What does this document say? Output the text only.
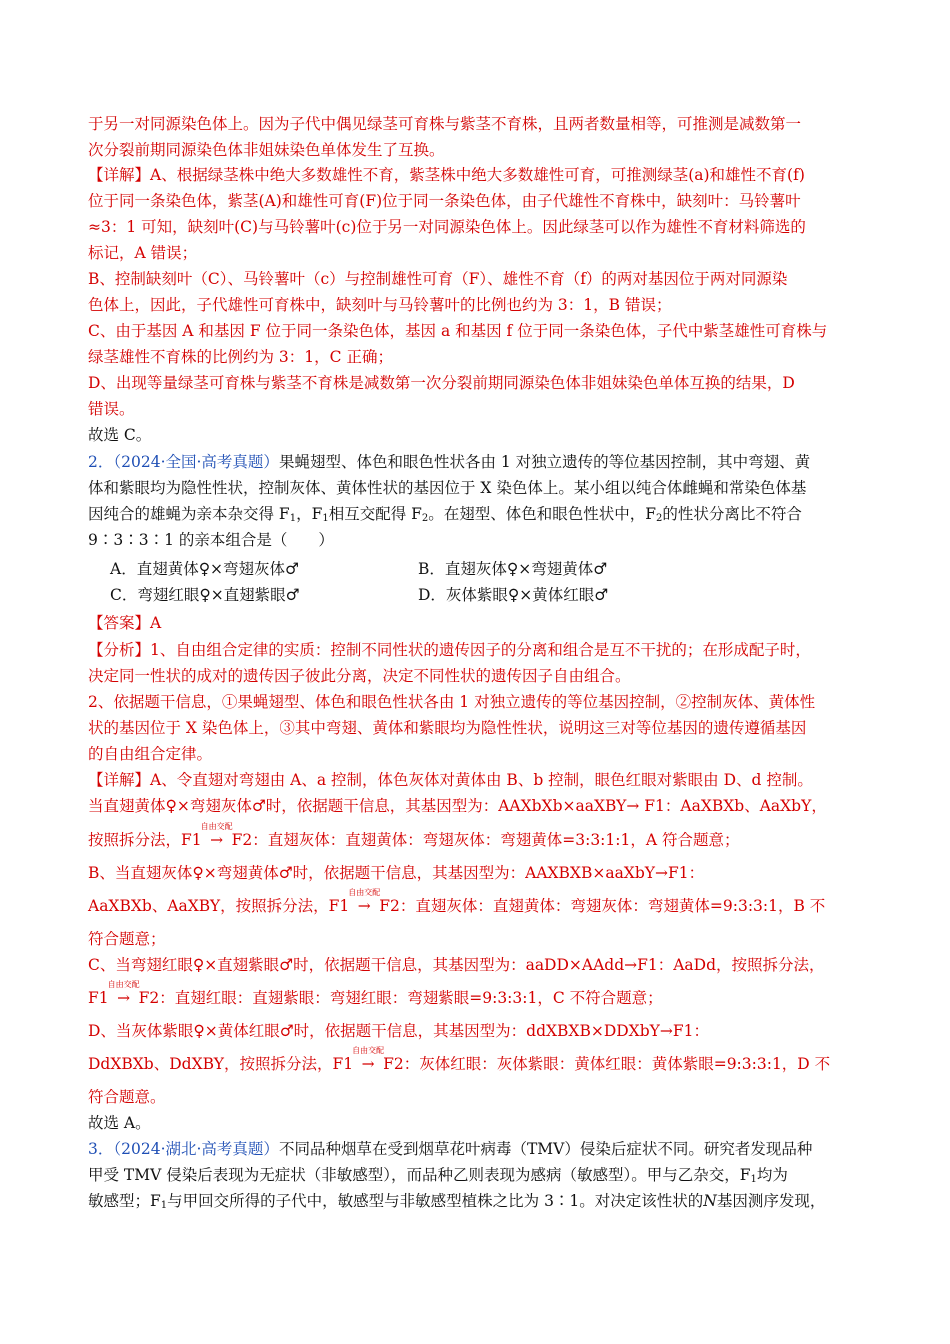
于另一对同源染色体上。因为子代中偶见绿茎可育株与紫茎不育株，且两者数量相等，可推测是减数第一
次分裂前期同源染色体非姐妹染色单体发生了互换。
【详解】A、根据绿茎株中绝大多数雄性不育，紫茎株中绝大多数雄性可育，可推测绿茎(a)和雄性不育(f)
位于同一条染色体，紫茎(A)和雄性可育(F)位于同一条染色体，由子代雄性不育株中，缺刻叶：马铃薯叶
≈3：1 可知，缺刻叶(C)与马铃薯叶(c)位于另一对同源染色体上。因此绿茎可以作为雄性不育材料筛选的
标记，A 错误；
B、控制缺刻叶（C）、马铃薯叶（c）与控制雄性可育（F）、雄性不育（f）的两对基因位于两对同源染
色体上，因此，子代雄性可育株中，缺刻叶与马铃薯叶的比例也约为 3：1，B 错误；
C、由于基因 A 和基因 F 位于同一条染色体，基因 a 和基因 f 位于同一条染色体，子代中紫茎雄性可育株与
绿茎雄性不育株的比例约为 3：1，C 正确；
D、出现等量绿茎可育株与紫茎不育株是减数第一次分裂前期同源染色体非姐妹染色单体互换的结果，D
错误。
故选 C。
2．（2024·全国·高考真题）果蝇翅型、体色和眼色性状各由 1 对独立遗传的等位基因控制，其中弯翅、黄
体和紫眼均为隐性性状，控制灰体、黄体性状的基因位于 X 染色体上。某小组以纯合体雌蝇和常染色体基
因纯合的雄蝇为亲本杂交得 $F_1$，$F_1$相互交配得 $F_2$。在翅型、体色和眼色性状中，$F_2$的性状分离比不符合
9∶3∶3∶1 的亲本组合是（　　）
A．直翅黄体♀×弯翅灰体♂	B．直翅灰体♀×弯翅黄体♂
C．弯翅红眼♀×直翅紫眼♂	D．灰体紫眼♀×黄体红眼♂
【答案】A
【分析】1、自由组合定律的实质：控制不同性状的遗传因子的分离和组合是互不干扰的；在形成配子时，
决定同一性状的成对的遗传因子彼此分离，决定不同性状的遗传因子自由组合。
2、依据题干信息，①果蝇翅型、体色和眼色性状各由 1 对独立遗传的等位基因控制，②控制灰体、黄体性
状的基因位于 X 染色体上，③其中弯翅、黄体和紫眼均为隐性性状，说明这三对等位基因的遗传遵循基因
的自由组合定律。
【详解】A、令直翅对弯翅由 A、a 控制，体色灰体对黄体由 B、b 控制，眼色红眼对紫眼由 D、d 控制。
当直翅黄体♀×弯翅灰体♂时，依据题干信息，其基因型为：AAXbXb×aaXBY→ F1：AaXBXb、AaXbY，
按照拆分法，F1
自由交配
→ F2：直翅灰体：直翅黄体：弯翅灰体：弯翅黄体=3:3:1:1，A 符合题意；
B、当直翅灰体♀×弯翅黄体♂时，依据题干信息，其基因型为：AAXBXB×aaXbY→F1：
AaXBXb、AaXBY，按照拆分法，F1
自由交配
→ F2：直翅灰体：直翅黄体：弯翅灰体：弯翅黄体=9:3:3:1，B 不
符合题意；
C、当弯翅红眼♀×直翅紫眼♂时，依据题干信息，其基因型为：aaDD×AAdd→F1：AaDd，按照拆分法，
F1
自由交配
→ F2：直翅红眼：直翅紫眼：弯翅红眼：弯翅紫眼=9:3:3:1，C 不符合题意；
D、当灰体紫眼♀×黄体红眼♂时，依据题干信息，其基因型为：ddXBXB×DDXbY→F1：
DdXBXb、DdXBY，按照拆分法，F1
自由交配
→ F2：灰体红眼：灰体紫眼：黄体红眼：黄体紫眼=9:3:3:1，D 不
符合题意。
故选 A。
3．（2024·湖北·高考真题）不同品种烟草在受到烟草花叶病毒（TMV）侵染后症状不同。研究者发现品种
甲受 TMV 侵染后表现为无症状（非敏感型），而品种乙则表现为感病（敏感型）。甲与乙杂交，$F_1$均为
敏感型；$F_1$与甲回交所得的子代中，敏感型与非敏感型植株之比为 3∶1。对决定该性状的N基因测序发现，
